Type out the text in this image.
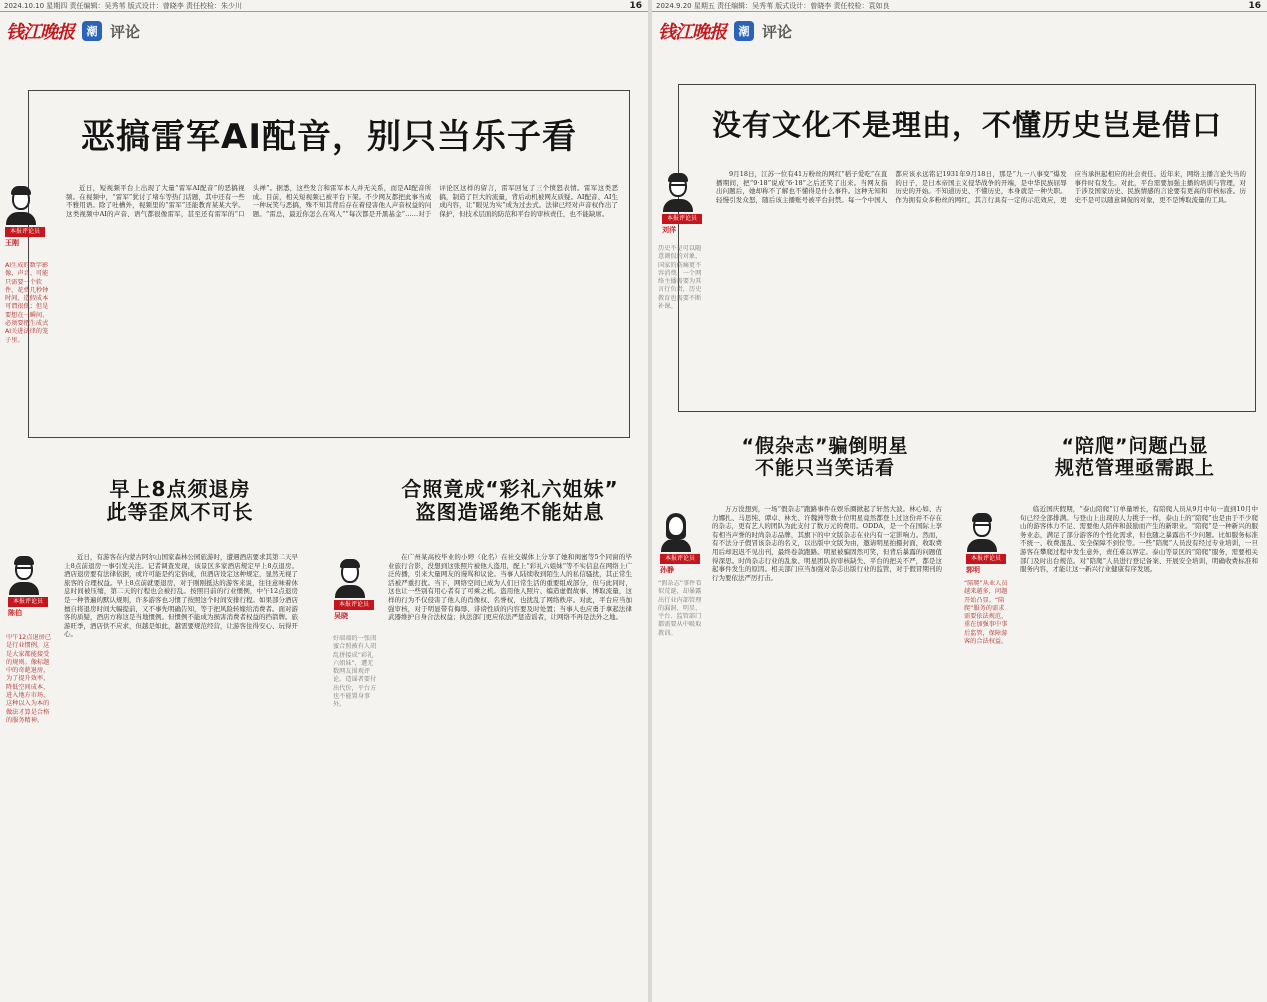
2024.10.10 星期四 责任编辑：吴秀苇 版式设计：曾晓李 责任校检：朱少川	16
钱江晚报	潮 评论
恶搞雷军AI配音，别只当乐子看
本报评论员
王刚
AI生成的数字影像、声音、可能只需要一个软件、花费几秒钟时间、造假成本可谓很低；但是要想在一瞬间、必须要把生成式AI关进法律的笼子里。

近日，短视频平台上出现了大量“雷军AI配音”的恶搞视频。在视频中，“雷军”犹讨了堵车等热门话题，其中还有一些不雅用语。除了吐槽外，视频里的“雷军”还能教育某某大学。这类视频中AI的声音、语气都很像雷军，甚至还有雷军的“口头禅”。据悉，这些发言和雷军本人并无关系，而是AI配音所成。目前，相关短视频已被平台下架。不少网友都把此事当成一种玩笑与恶搞，殊不知其背后存在着侵害他人声音权益的问题。“雷总，最近你怎么在骂人”“每次都是开黑基金”……对于评论区这样的留言，雷军回复了三个愤怒表情。雷军这类恶搞，制造了巨大的流量，背后动机被网友质疑。AI配音、AI生成内容，让“眼见为实”成为过去式。法律已经对声音权作出了保护，但技术层面的防范和平台的审核责任，也不能缺席。

早上8点须退房
此等歪风不可长
本报评论员
陈伯
中午12点退房已是行业惯例，这是大家都能接受的规则。像标题中的奇葩退房，为了提升效率，降低空间成本，进入地方市场，这种以入为本的做法才算是合格的服务精神。

近日，有游客在内蒙古阿尔山国家森林公园旅游时，遭遇酒店要求其第二天早上8点前退房一事引发关注。记者调查发现，该景区多家酒店规定早上8点退房。酒店退房要有法律依据，或许可能是约定俗成，但酒店设定这种规定，显然无视了旅客的合理权益。早上8点前就要退房，对于刚刚抵达的游客来说，往往意味着休息时间被压缩，第二天的行程也会被打乱。按照目前的行业惯例，中午12点退房是一种普遍的默认规则，许多游客也习惯了按照这个时间安排行程。如果部分酒店擅自将退房时间大幅提前，又不事先明确告知，等于把风险转嫁给消费者。面对游客的质疑，酒店方称这是当地惯例。但惯例不能成为损害消费者权益的挡箭牌。旅游旺季，酒店供不应求，但越是如此，越需要规范经营，让游客住得安心、玩得开心。

合照竟成“彩礼六姐妹”
盗图造谣绝不能姑息
本报评论员
吴晓
好端端的一张闺蜜合照被有人胡乱拼接成“彩礼六姐妹”，遭无数网友围观评论。造谣者要付出代价，平台方也不能置身事外。

在广州某高校毕业的小婷（化名）在社交媒体上分享了她和闺蜜等5个同窗的毕业旅行合影，没想到这张照片被他人盗用，配上“彩礼六姐妹”等不实信息在网络上广泛传播，引来大量网友的谩骂和议论。当事人陆续收到陌生人的私信骚扰，其正常生活被严重打扰。当下，网络空间已成为人们日常生活的重要组成部分，但与此同时，这也让一些别有用心者有了可乘之机。盗用他人照片、编造虚假故事、博取流量，这样的行为不仅侵害了他人的肖像权、名誉权，也扰乱了网络秩序。对此，平台应当加强审核，对于明显带有侮辱、诽谤性质的内容要及时处置；当事人也应勇于拿起法律武器维护自身合法权益；执法部门更应依法严惩造谣者，让网络不再是法外之地。

2024.9.20 星期五 责任编辑：吴秀苇 版式设计：曾晓李 责任校检：袁如良	16
钱江晚报	潮 评论
没有文化不是理由，不懂历史岂是借口
本报评论员
刘洋
历史不是可以随意调侃的对象，国家的伤痛更不容消费。一个网络主播需要为其言行负责，历史教育也需要不断补课。

9月18日，江苏一位有41万粉丝的网红“稻子爱吃”在直播期间，把“9·18”说成“6·18”之后还笑了出来。当网友指出问题后，她却称不了解也不懂得是什么事件。这种无知和轻慢引发众怒，随后该主播账号被平台封禁。每一个中国人都应该永远铭记1931年9月18日，那是“九一八事变”爆发的日子，是日本帝国主义侵华战争的开端，是中华民族屈辱历史的开始。不知道历史、不懂历史，本身就是一种失职。作为拥有众多粉丝的网红，其言行具有一定的示范效应，更应当承担起相应的社会责任。近年来，网络主播言论失当的事件时有发生。对此，平台需要加强主播的培训与管理，对于涉及国家历史、民族情感的言论要有更高的审核标准。历史不是可以随意调侃的对象，更不是博取流量的工具。

“假杂志”骗倒明星
不能只当笑话看
本报评论员
孙静
“假杂志”事件看似荒诞，却暴露出行业内部管理的漏洞，明星、平台、监管部门都需要从中吸取教训。

万万没想到，一场“假杂志”跑路事件在娱乐圈掀起了轩然大波。林心如、古力娜扎、马思纯、谭卓、林允、许魏洲等数十位明星竟然都登上过这份并不存在的杂志，更有艺人的团队为此支付了数万元的费用。ODDA，是一个在国际上享有相当声誉的时尚杂志品牌，其旗下的中文版杂志在业内有一定影响力。然而，有不法分子假冒该杂志的名义，以出版中文版为由，邀请明星拍摄封面，收取费用后却迟迟不见出刊，最终卷款跑路。明星被骗固然可笑，但背后暴露的问题值得深思。时尚杂志行业的乱象、明星团队的审核缺失、平台的把关不严，都是这起事件发生的原因。相关部门应当加强对杂志出版行业的监管，对于假冒期刊的行为要依法严厉打击。

“陪爬”问题凸显
规范管理亟需跟上
本报评论员
郭明
“陪爬”从业人员越来越多，问题开始凸显。“陪爬”服务的需求需要依法规范，重在加强事中事后监管，保障游客的合法权益。

临近国庆假期，“泰山陪爬”订单量增长，有陪爬人员从9月中旬一直到10月中旬已经全部排满。与登山上出现的人力挑子一样，泰山上的“陪爬”也是由于不少爬山的游客体力不足、需要他人陪伴和鼓励而产生的新职业。“陪爬”是一种新兴的服务业态，满足了部分游客的个性化需求，但也随之暴露出不少问题。比如服务标准不统一、收费混乱、安全保障不到位等。一些“陪爬”人员没有经过专业培训，一旦游客在攀爬过程中发生意外，责任难以界定。泰山等景区的“陪爬”服务，需要相关部门及时出台规范。对“陪爬”人员进行登记备案、开展安全培训，明确收费标准和服务内容，才能让这一新兴行业健康有序发展。
